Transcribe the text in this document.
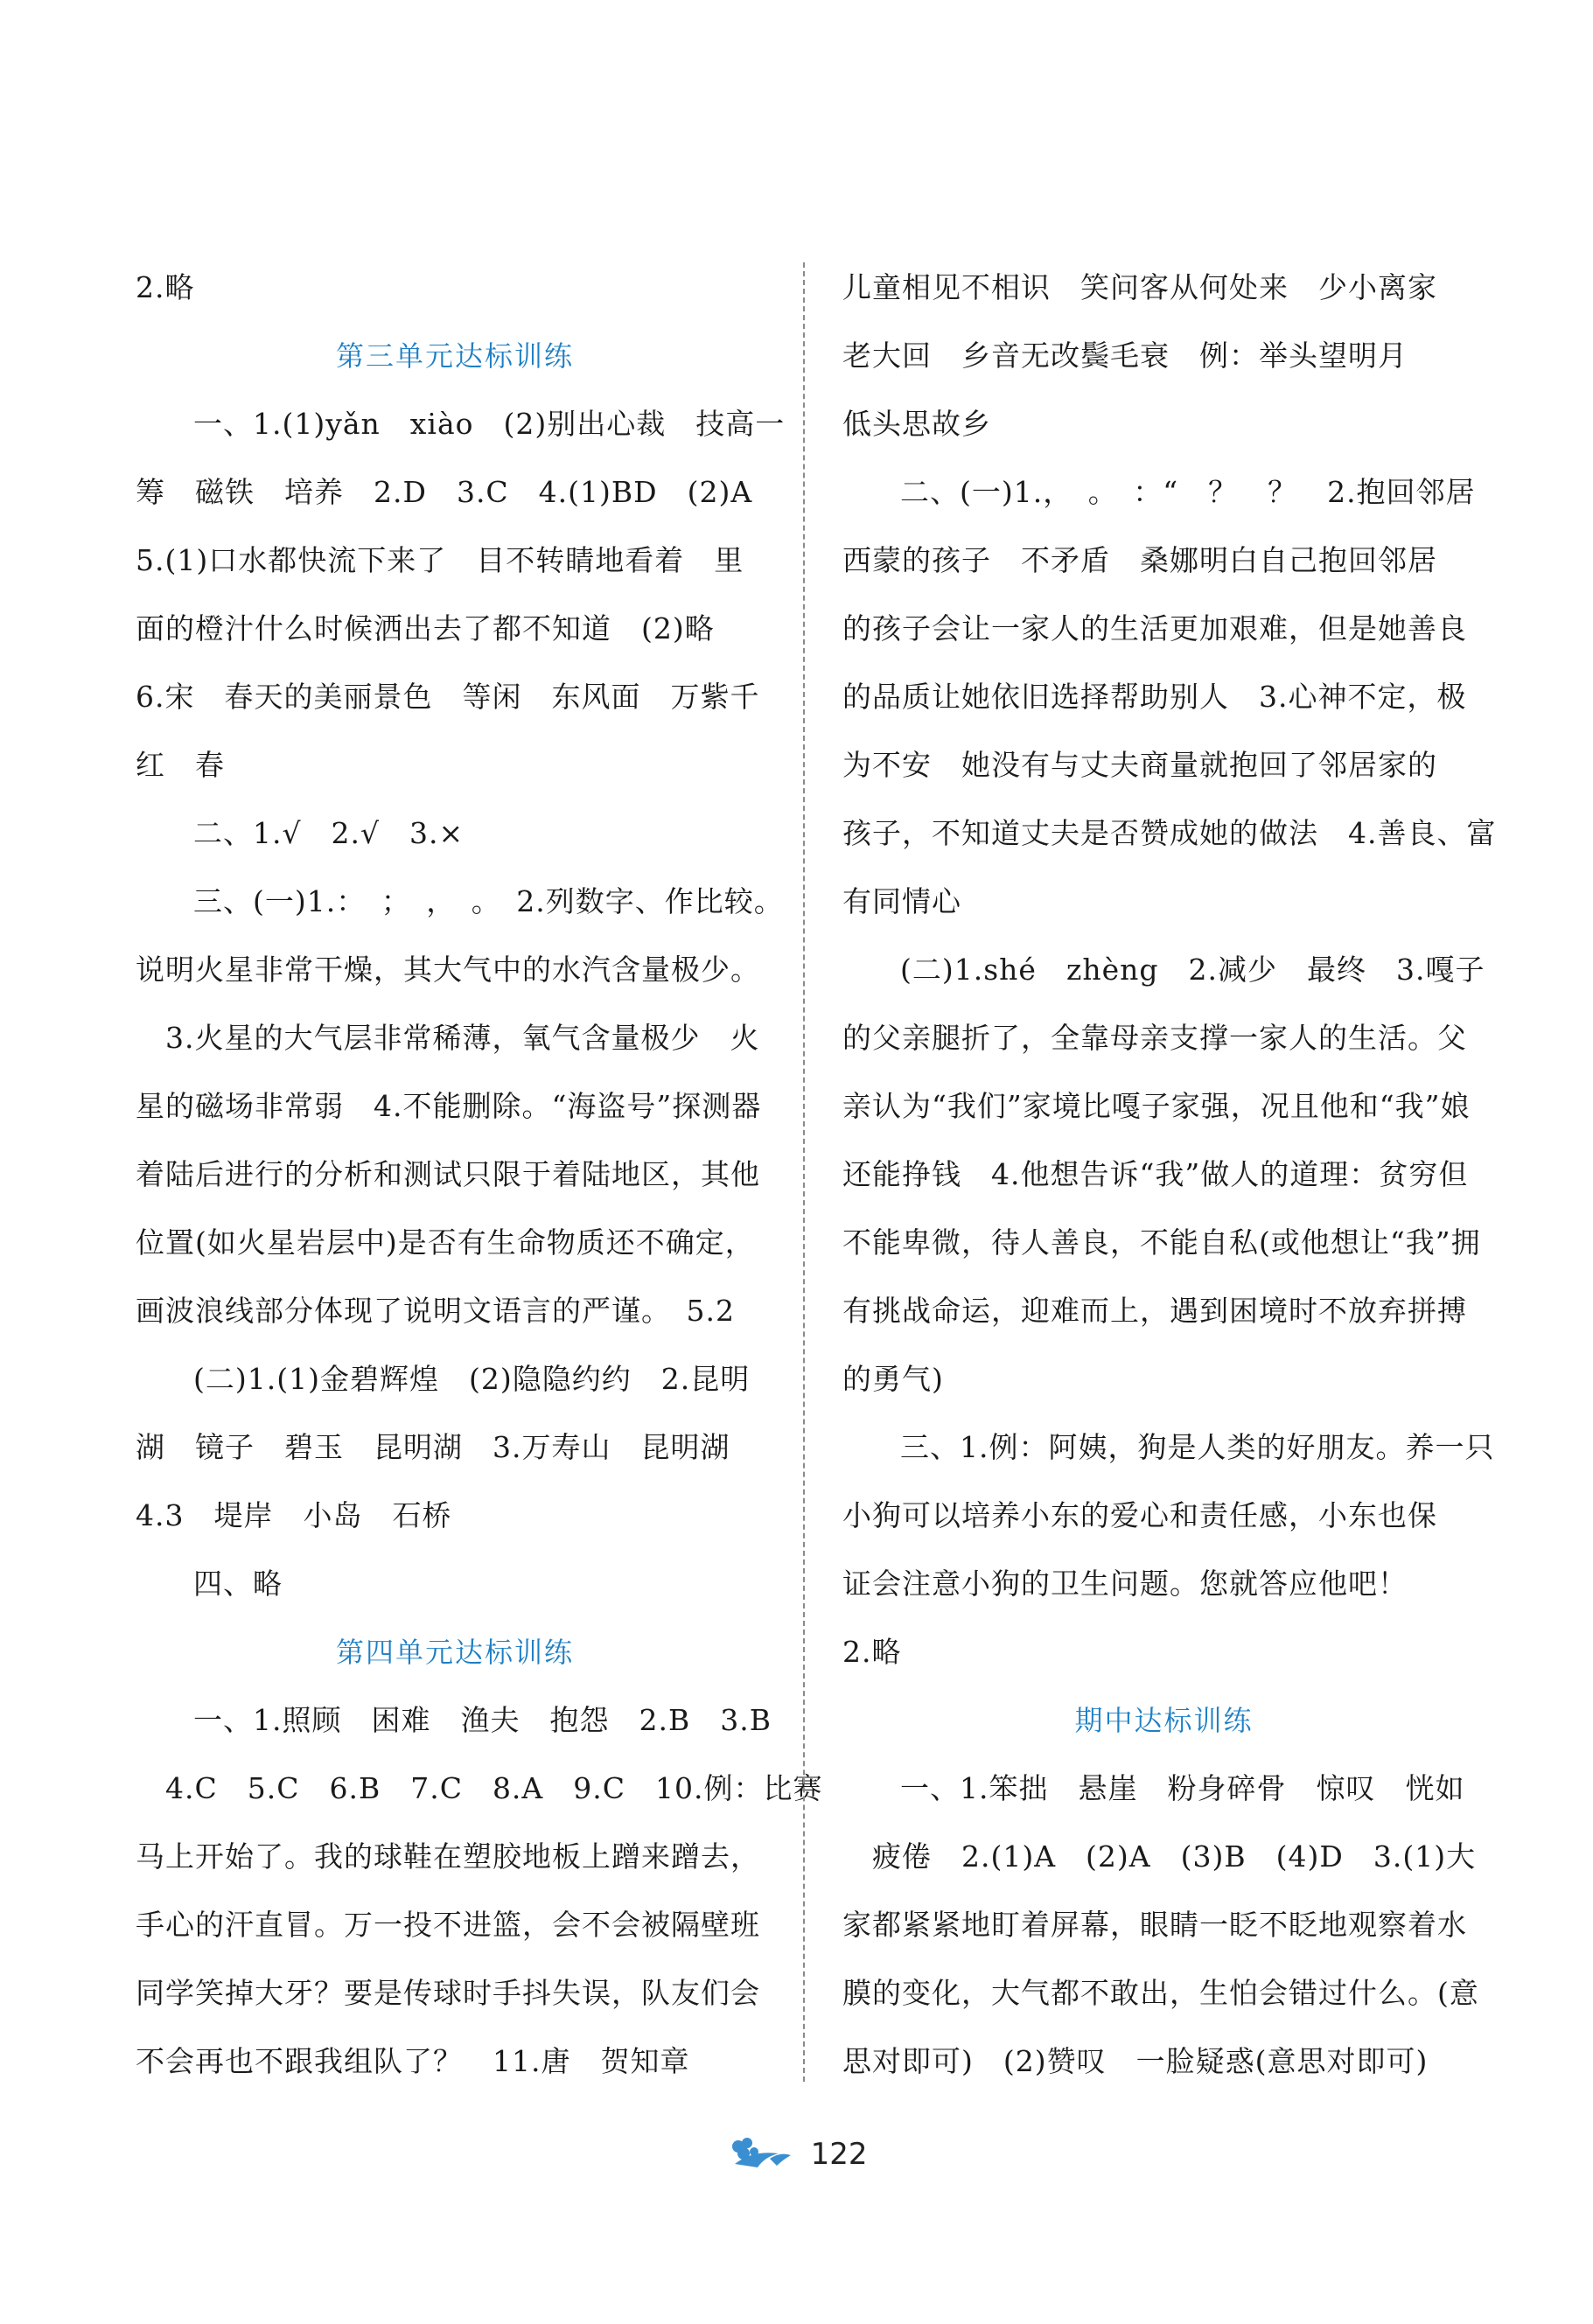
2.略
第三单元达标训练
一、1.(1)yǎn　xiào　(2)别出心裁　技高一
筹　磁铁　培养　2.D　3.C　4.(1)BD　(2)A
5.(1)口水都快流下来了　目不转睛地看着　里
面的橙汁什么时候洒出去了都不知道　(2)略
6.宋　春天的美丽景色　等闲　东风面　万紫千
红　春
二、1.√　2.√　3.×
三、(一)1.：　；　，　。　2.列数字、作比较。
说明火星非常干燥，其大气中的水汽含量极少。
3.火星的大气层非常稀薄，氧气含量极少　火
星的磁场非常弱　4.不能删除。“海盗号”探测器
着陆后进行的分析和测试只限于着陆地区，其他
位置(如火星岩层中)是否有生命物质还不确定，
画波浪线部分体现了说明文语言的严谨。　5.2
(二)1.(1)金碧辉煌　(2)隐隐约约　2.昆明
湖　镜子　碧玉　昆明湖　3.万寿山　昆明湖
4.3　堤岸　小岛　石桥
四、略
第四单元达标训练
一、1.照顾　困难　渔夫　抱怨　2.B　3.B
4.C　5.C　6.B　7.C　8.A　9.C　10.例：比赛
马上开始了。我的球鞋在塑胶地板上蹭来蹭去，
手心的汗直冒。万一投不进篮，会不会被隔壁班
同学笑掉大牙？要是传球时手抖失误，队友们会
不会再也不跟我组队了？　11.唐　贺知章
儿童相见不相识　笑问客从何处来　少小离家
老大回　乡音无改鬓毛衰　例：举头望明月
低头思故乡
二、(一)1.，　。　：“　？　？　2.抱回邻居
西蒙的孩子　不矛盾　桑娜明白自己抱回邻居
的孩子会让一家人的生活更加艰难，但是她善良
的品质让她依旧选择帮助别人　3.心神不定，极
为不安　她没有与丈夫商量就抱回了邻居家的
孩子，不知道丈夫是否赞成她的做法　4.善良、富
有同情心
(二)1.shé　zhèng　2.减少　最终　3.嘎子
的父亲腿折了，全靠母亲支撑一家人的生活。父
亲认为“我们”家境比嘎子家强，况且他和“我”娘
还能挣钱　4.他想告诉“我”做人的道理：贫穷但
不能卑微，待人善良，不能自私(或他想让“我”拥
有挑战命运，迎难而上，遇到困境时不放弃拼搏
的勇气)
三、1.例：阿姨，狗是人类的好朋友。养一只
小狗可以培养小东的爱心和责任感，小东也保
证会注意小狗的卫生问题。您就答应他吧！
2.略
期中达标训练
一、1.笨拙　悬崖　粉身碎骨　惊叹　恍如
疲倦　2.(1)A　(2)A　(3)B　(4)D　3.(1)大
家都紧紧地盯着屏幕，眼睛一眨不眨地观察着水
膜的变化，大气都不敢出，生怕会错过什么。(意
思对即可)　(2)赞叹　一脸疑惑(意思对即可)
122
